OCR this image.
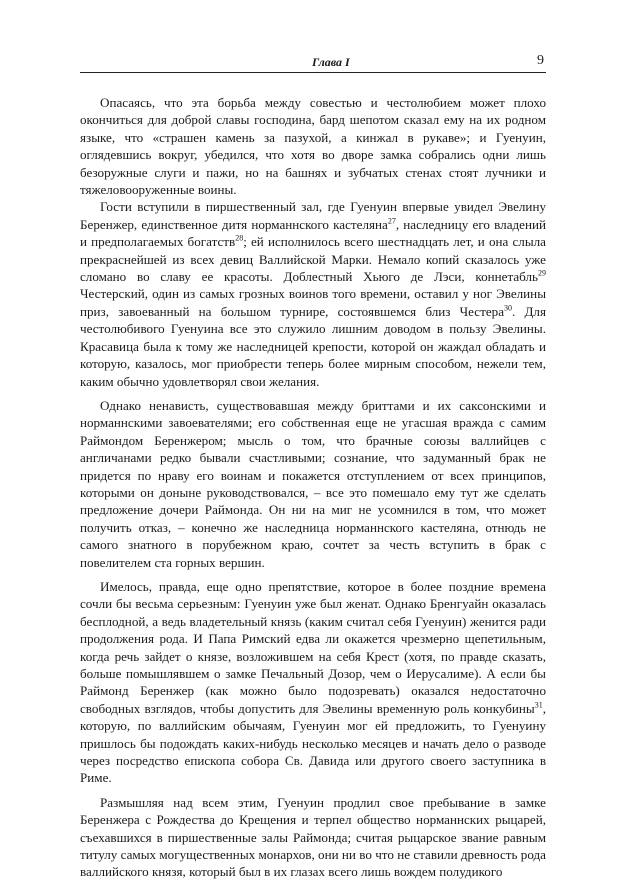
Глава I	9

Опасаясь, что эта борьба между совестью и честолюбием может плохо окончиться для доброй славы господина, бард шепотом сказал ему на их родном языке, что «страшен камень за пазухой, а кинжал в рукаве»; и Гуенуин, оглядевшись вокруг, убедился, что хотя во дворе замка собрались одни лишь безоружные слуги и пажи, но на башнях и зубчатых стенах стоят лучники и тяжеловооруженные воины.

Гости вступили в пиршественный зал, где Гуенуин впервые увидел Эвелину Беренжер, единственное дитя норманнского кастеляна$^{27}$, наследницу его владений и предполагаемых богатств$^{28}$; ей исполнилось всего шестнадцать лет, и она слыла прекраснейшей из всех девиц Валлийской Марки. Немало копий сказалось уже сломано во славу ее красоты. Доблестный Хьюго де Лэси, коннетабль$^{29}$ Честерский, один из самых грозных воинов того времени, оставил у ног Эвелины приз, завоеванный на большом турнире, состоявшемся близ Честера$^{30}$. Для честолюбивого Гуенуина все это служило лишним доводом в пользу Эвелины. Красавица была к тому же наследницей крепости, которой он жаждал обладать и которую, казалось, мог приобрести теперь более мирным способом, нежели тем, каким обычно удовлетворял свои желания.

Однако ненависть, существовавшая между бриттами и их саксонскими и норманнскими завоевателями; его собственная еще не угасшая вражда с самим Раймондом Беренжером; мысль о том, что брачные союзы валлийцев с англичанами редко бывали счастливыми; сознание, что задуманный брак не придется по нраву его воинам и покажется отступлением от всех принципов, которыми он доныне руководствовался, – все это помешало ему тут же сделать предложение дочери Раймонда. Он ни на миг не усомнился в том, что может получить отказ, – конечно же наследница норманнского кастеляна, отнюдь не самого знатного в порубежном краю, сочтет за честь вступить в брак с повелителем ста горных вершин.

Имелось, правда, еще одно препятствие, которое в более поздние времена сочли бы весьма серьезным: Гуенуин уже был женат. Однако Бренгуайн оказалась бесплодной, а ведь владетельный князь (каким считал себя Гуенуин) женится ради продолжения рода. И Папа Римский едва ли окажется чрезмерно щепетильным, когда речь зайдет о князе, возложившем на себя Крест (хотя, по правде сказать, больше помышлявшем о замке Печальный Дозор, чем о Иерусалиме). А если бы Раймонд Беренжер (как можно было подозревать) оказался недостаточно свободных взглядов, чтобы допустить для Эвелины временную роль конкубины$^{31}$, которую, по валлийским обычаям, Гуенуин мог ей предложить, то Гуенуину пришлось бы подождать каких-нибудь несколько месяцев и начать дело о разводе через посредство епископа собора Св. Давида или другого своего заступника в Риме.

Размышляя над всем этим, Гуенуин продлил свое пребывание в замке Беренжера с Рождества до Крещения и терпел общество норманнских рыцарей, съехавшихся в пиршественные залы Раймонда; считая рыцарское звание равным титулу самых могущественных монархов, они ни во что не ставили древность рода валлийского князя, который был в их глазах всего лишь вождем полудикого
